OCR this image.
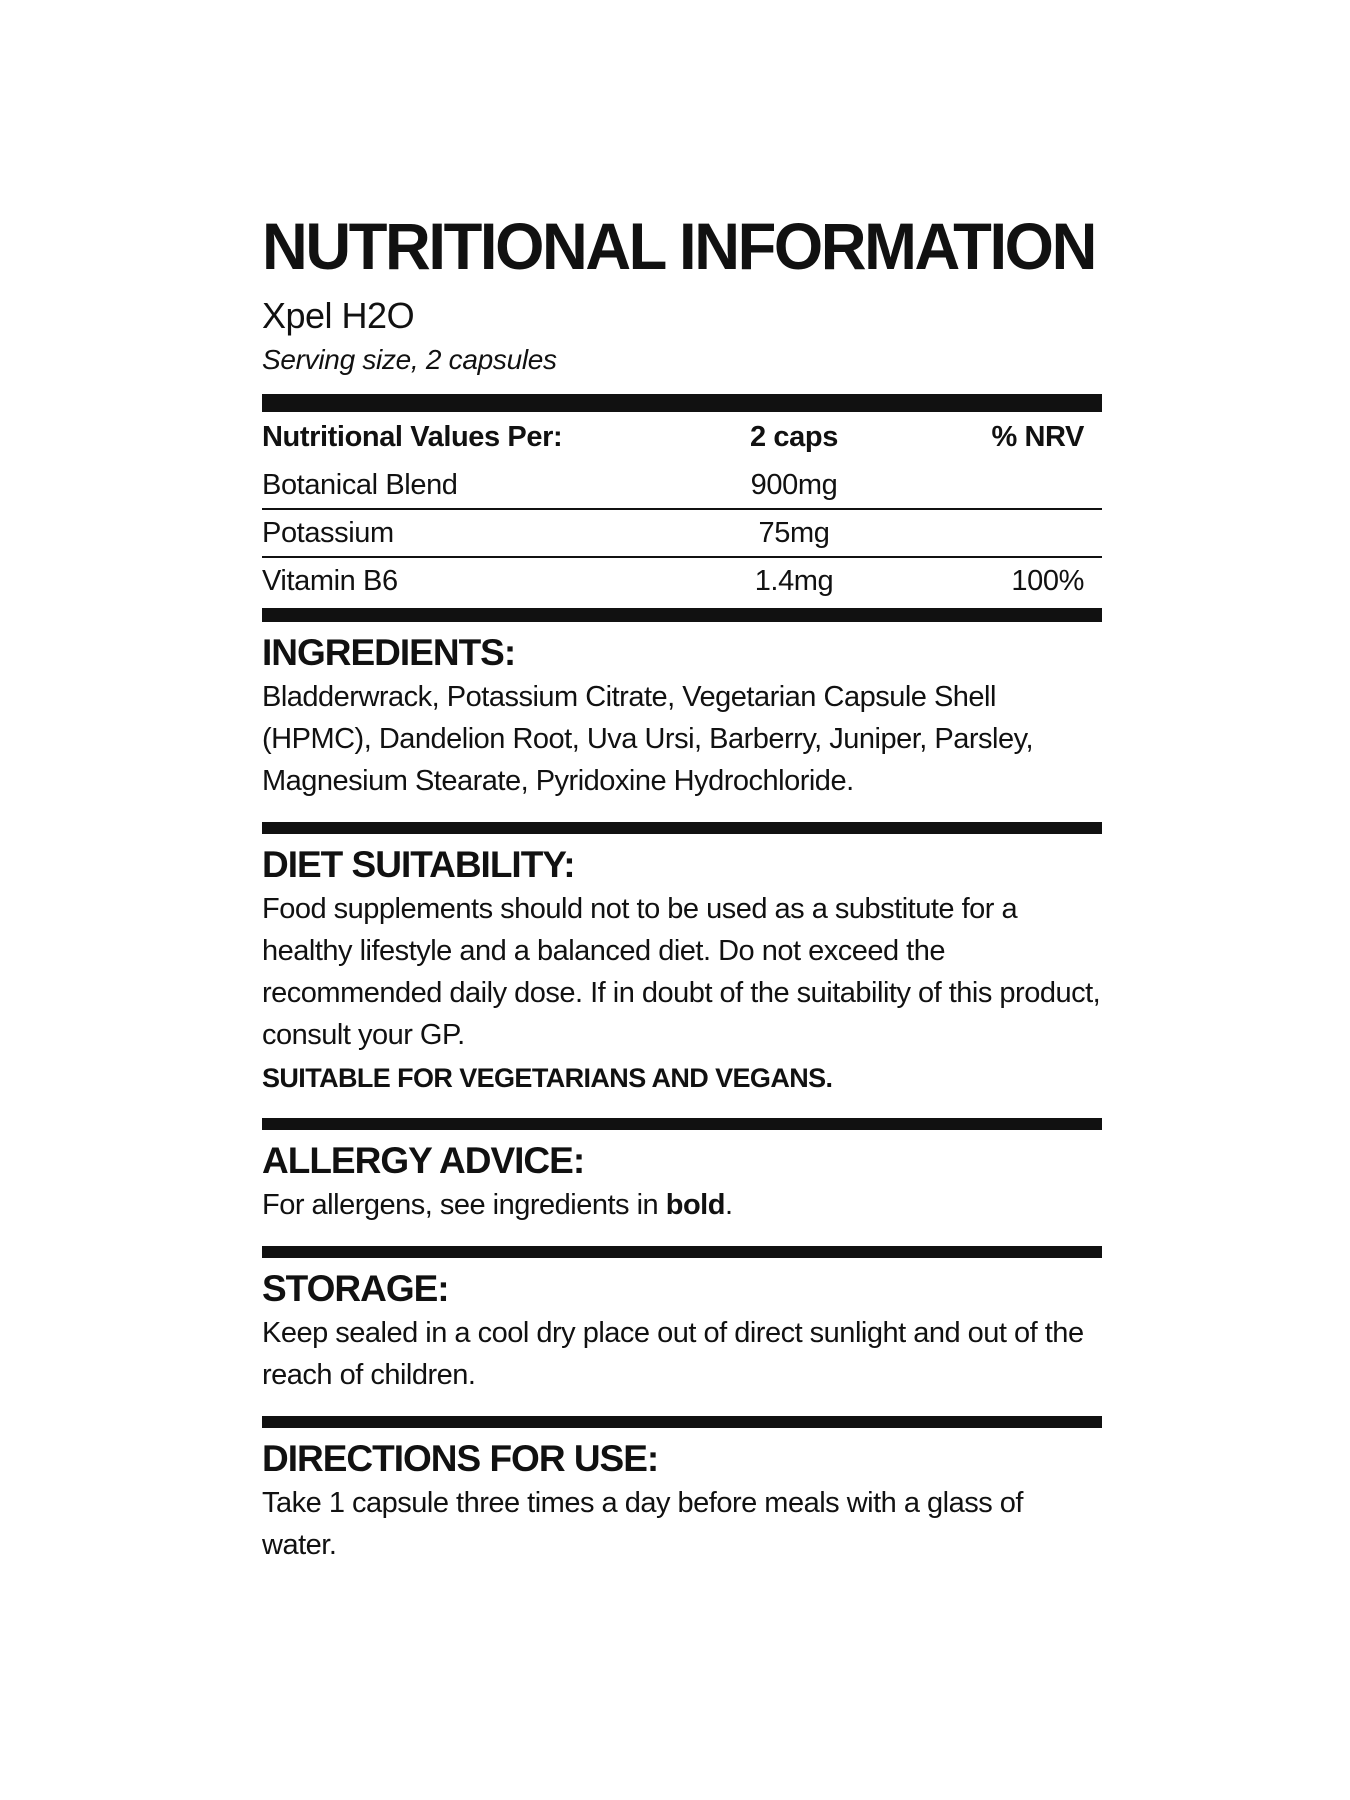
NUTRITIONAL INFORMATION
Xpel H2O
Serving size, 2 capsules
Nutritional Values Per:	2 caps	% NRV
Botanical Blend	900mg	
Potassium	75mg	
Vitamin B6	1.4mg	100%
INGREDIENTS:

Bladderwrack, Potassium Citrate, Vegetarian Capsule Shell (HPMC), Dandelion Root, Uva Ursi, Barberry, Juniper, Parsley, Magnesium Stearate, Pyridoxine Hydrochloride.

DIET SUITABILITY:

Food supplements should not to be used as a substitute for a healthy lifestyle and a balanced diet. Do not exceed the recommended daily dose. If in doubt of the suitability of this product, consult your GP.

SUITABLE FOR VEGETARIANS AND VEGANS.
ALLERGY ADVICE:

For allergens, see ingredients in bold.

STORAGE:

Keep sealed in a cool dry place out of direct sunlight and out of the reach of children.

DIRECTIONS FOR USE:

Take 1 capsule three times a day before meals with a glass of water.
